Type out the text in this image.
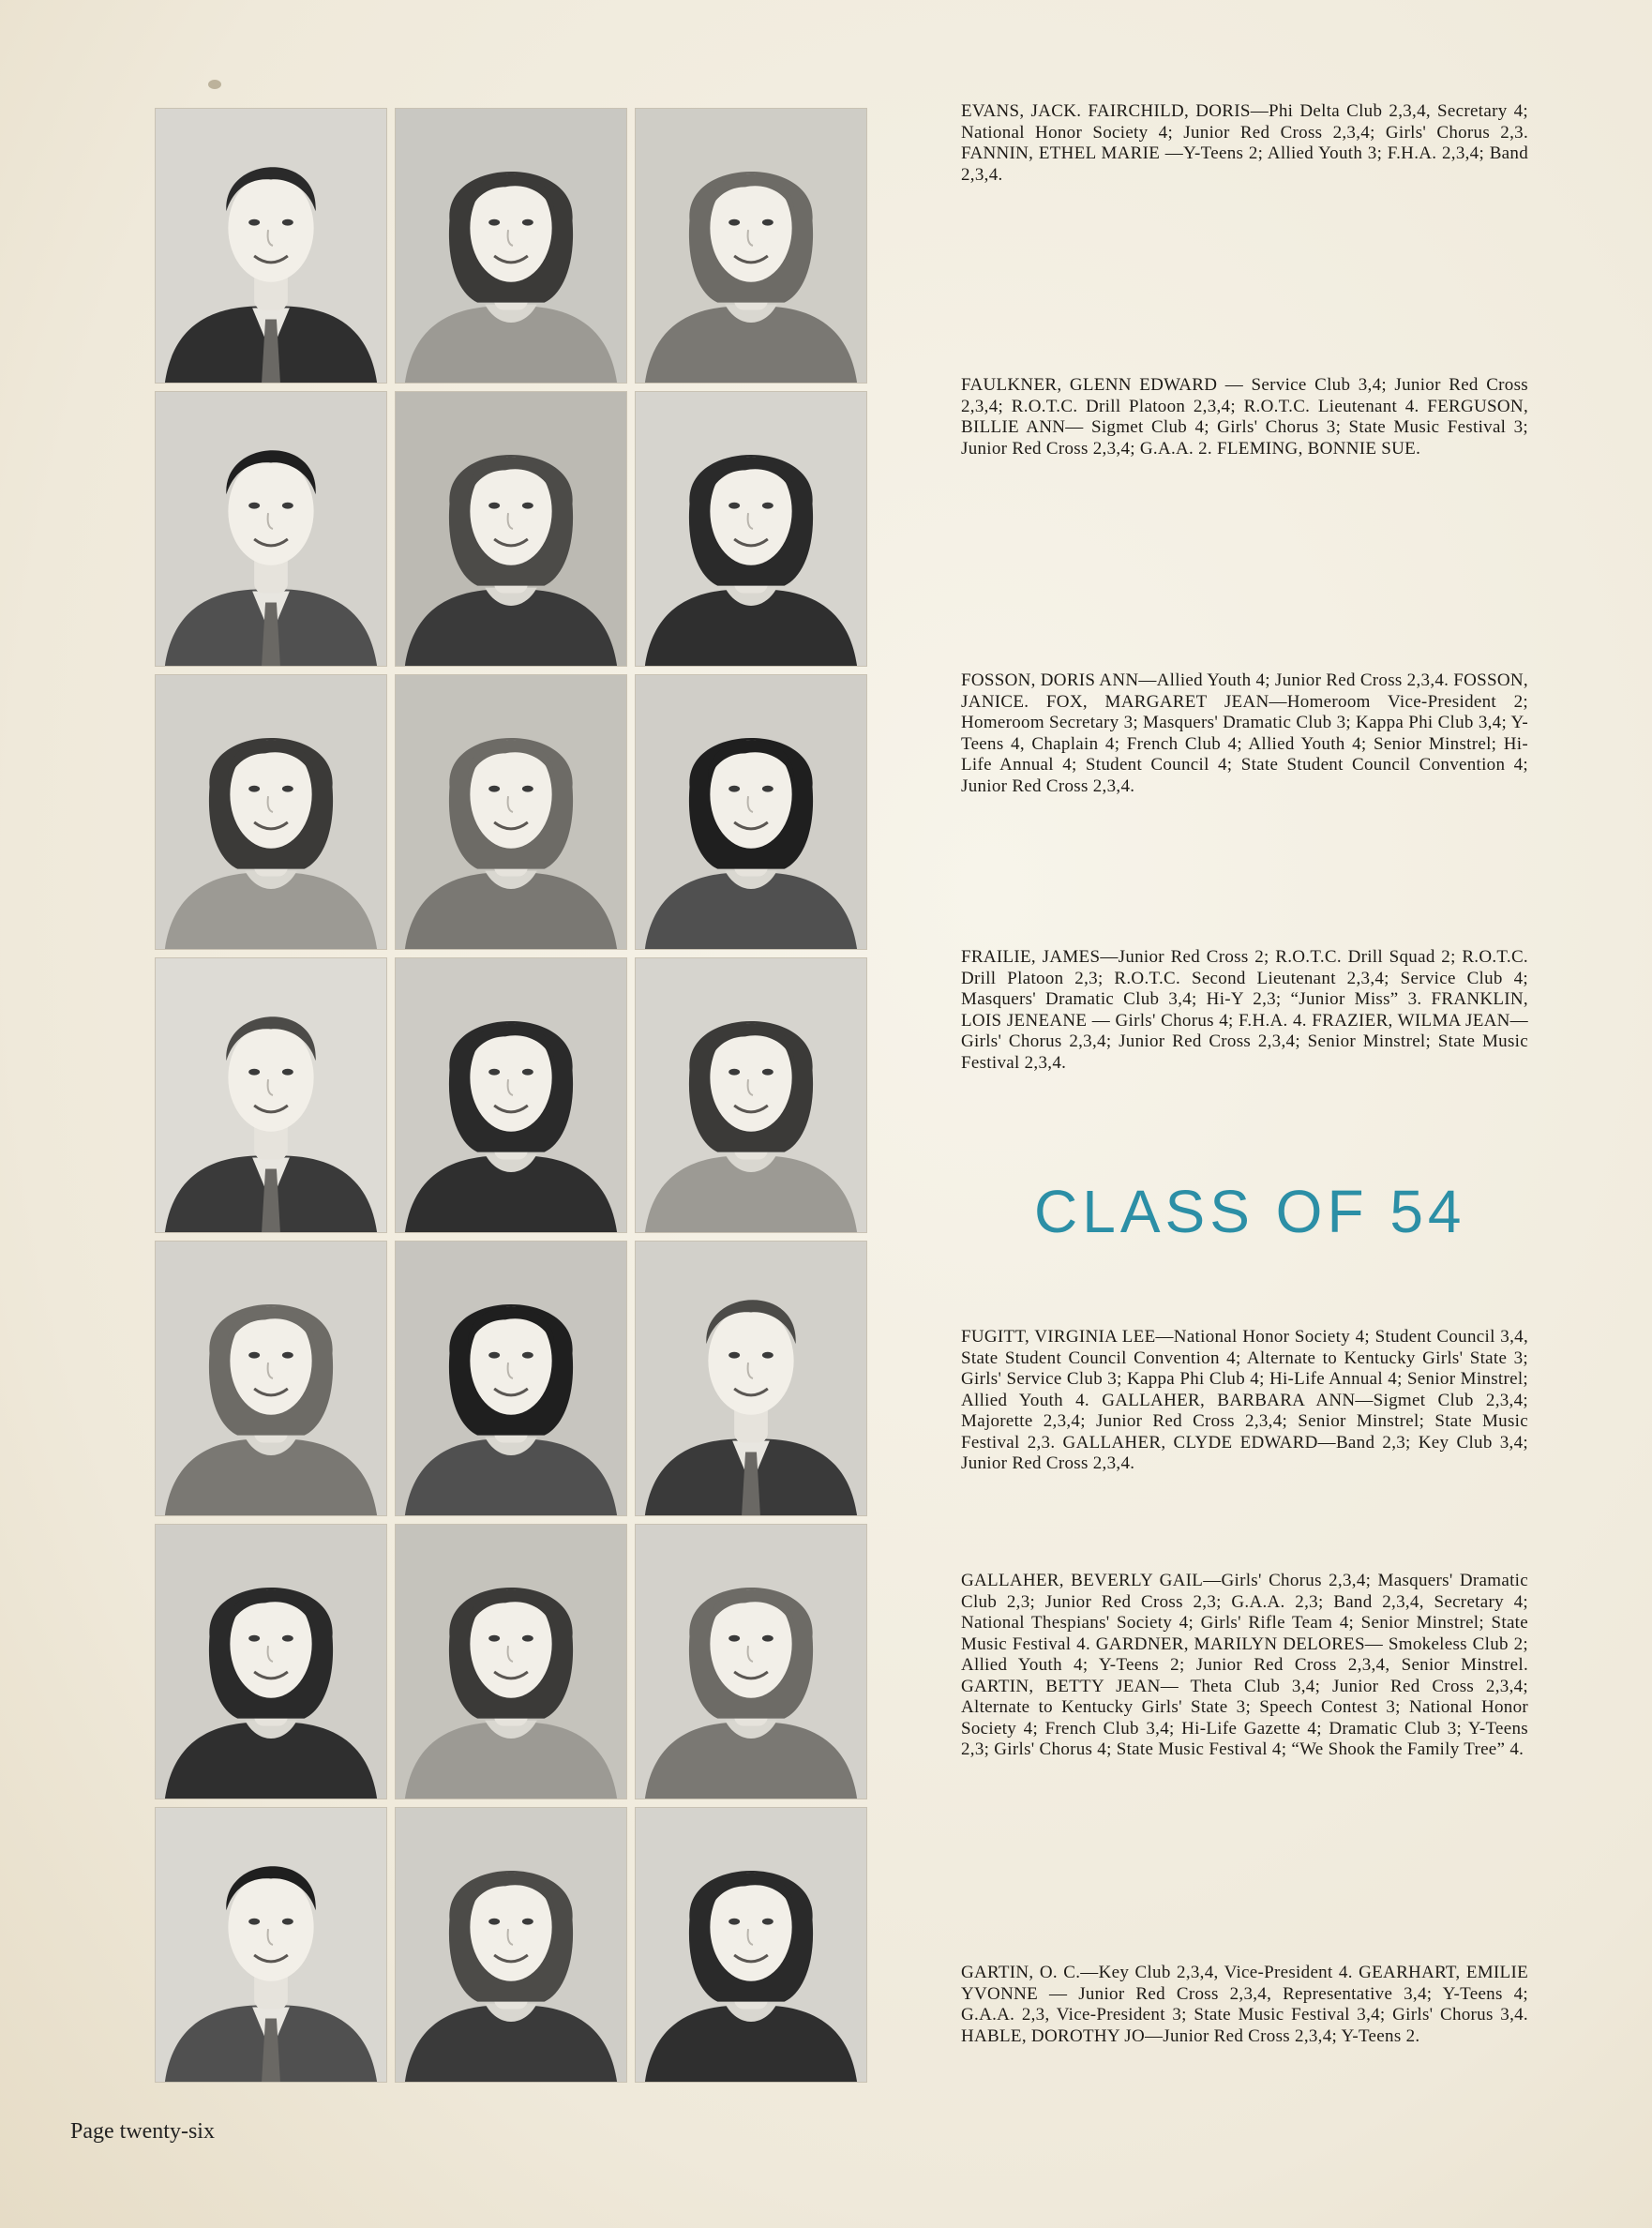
EVANS, JACK. FAIRCHILD, DORIS—Phi Delta Club 2,3,4, Secretary 4; National Honor Society 4; Junior Red Cross 2,3,4; Girls' Chorus 2,3. FANNIN, ETHEL MARIE —Y-Teens 2; Allied Youth 3; F.H.A. 2,3,4; Band 2,3,4.
FAULKNER, GLENN EDWARD — Service Club 3,4; Junior Red Cross 2,3,4; R.O.T.C. Drill Platoon 2,3,4; R.O.T.C. Lieutenant 4. FERGUSON, BILLIE ANN— Sigmet Club 4; Girls' Chorus 3; State Music Festival 3; Junior Red Cross 2,3,4; G.A.A. 2. FLEMING, BONNIE SUE.
FOSSON, DORIS ANN—Allied Youth 4; Junior Red Cross 2,3,4. FOSSON, JANICE. FOX, MARGARET JEAN—Homeroom Vice-President 2; Homeroom Secretary 3; Masquers' Dramatic Club 3; Kappa Phi Club 3,4; Y-Teens 4, Chaplain 4; French Club 4; Allied Youth 4; Senior Minstrel; Hi-Life Annual 4; Student Council 4; State Student Council Convention 4; Junior Red Cross 2,3,4.
FRAILIE, JAMES—Junior Red Cross 2; R.O.T.C. Drill Squad 2; R.O.T.C. Drill Platoon 2,3; R.O.T.C. Second Lieutenant 2,3,4; Service Club 4; Masquers' Dramatic Club 3,4; Hi-Y 2,3; “Junior Miss” 3. FRANKLIN, LOIS JENEANE — Girls' Chorus 4; F.H.A. 4. FRAZIER, WILMA JEAN—Girls' Chorus 2,3,4; Junior Red Cross 2,3,4; Senior Minstrel; State Music Festival 2,3,4.
CLASS OF 54
FUGITT, VIRGINIA LEE—National Honor Society 4; Student Council 3,4, State Student Council Convention 4; Alternate to Kentucky Girls' State 3; Girls' Service Club 3; Kappa Phi Club 4; Hi-Life Annual 4; Senior Minstrel; Allied Youth 4. GALLAHER, BARBARA ANN—Sigmet Club 2,3,4; Majorette 2,3,4; Junior Red Cross 2,3,4; Senior Minstrel; State Music Festival 2,3. GALLAHER, CLYDE EDWARD—Band 2,3; Key Club 3,4; Junior Red Cross 2,3,4.
GALLAHER, BEVERLY GAIL—Girls' Chorus 2,3,4; Masquers' Dramatic Club 2,3; Junior Red Cross 2,3; G.A.A. 2,3; Band 2,3,4, Secretary 4; National Thespians' Society 4; Girls' Rifle Team 4; Senior Minstrel; State Music Festival 4. GARDNER, MARILYN DELORES— Smokeless Club 2; Allied Youth 4; Y-Teens 2; Junior Red Cross 2,3,4, Senior Minstrel. GARTIN, BETTY JEAN— Theta Club 3,4; Junior Red Cross 2,3,4; Alternate to Kentucky Girls' State 3; Speech Contest 3; National Honor Society 4; French Club 3,4; Hi-Life Gazette 4; Dramatic Club 3; Y-Teens 2,3; Girls' Chorus 4; State Music Festival 4; “We Shook the Family Tree” 4.
GARTIN, O. C.—Key Club 2,3,4, Vice-President 4. GEARHART, EMILIE YVONNE — Junior Red Cross 2,3,4, Representative 3,4; Y-Teens 4; G.A.A. 2,3, Vice-President 3; State Music Festival 3,4; Girls' Chorus 3,4. HABLE, DOROTHY JO—Junior Red Cross 2,3,4; Y-Teens 2.
Page twenty-six
